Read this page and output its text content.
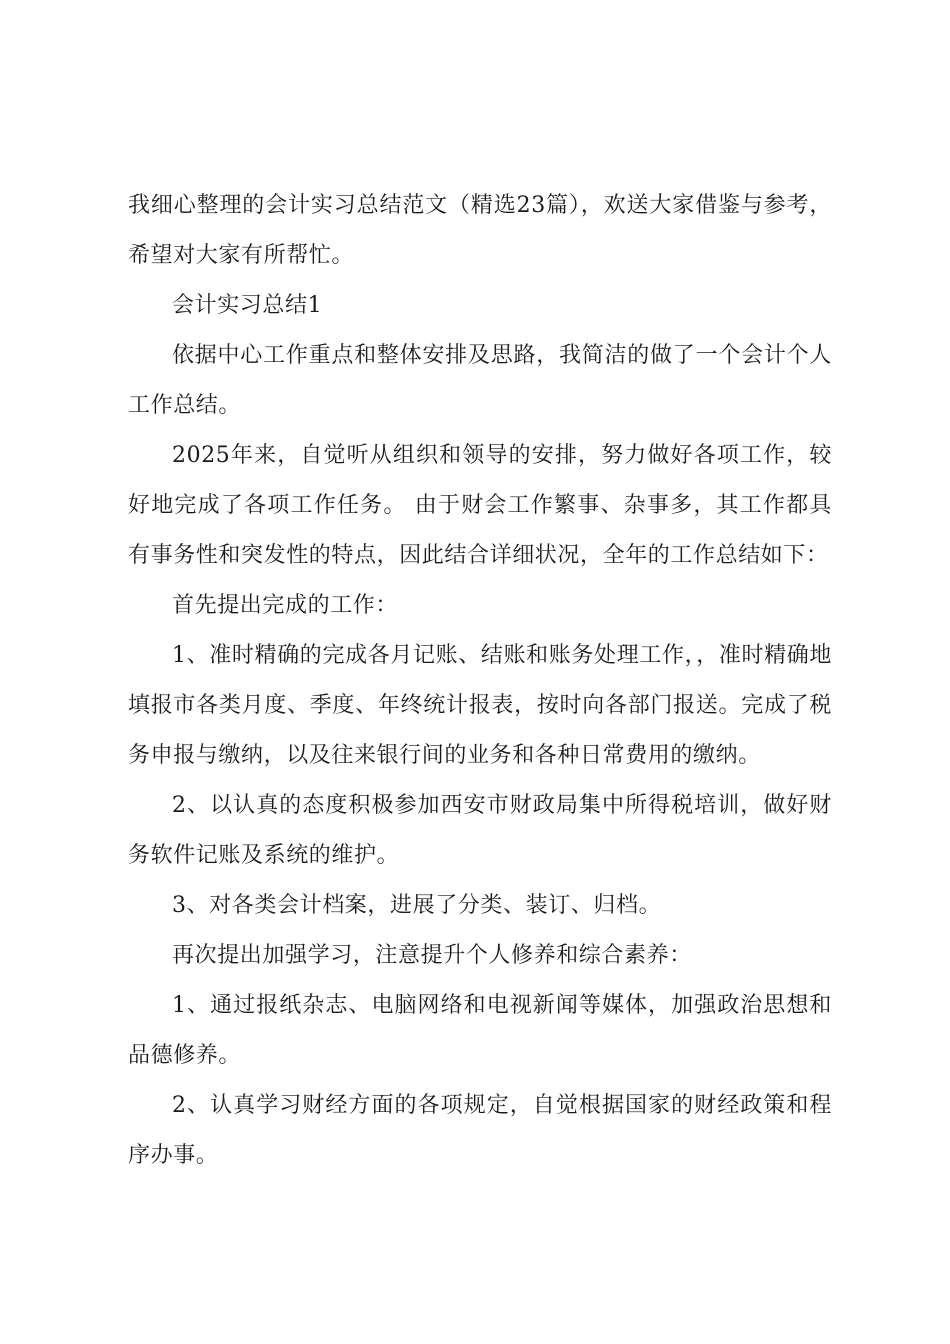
我细心整理的会计实习总结范文（精选23篇），欢送大家借鉴与参考，希望对大家有所帮忙。

会计实习总结1

依据中心工作重点和整体安排及思路，我简洁的做了一个会计个人工作总结。

2025年来，自觉听从组织和领导的安排，努力做好各项工作，较好地完成了各项工作任务。 由于财会工作繁事、杂事多，其工作都具有事务性和突发性的特点，因此结合详细状况，全年的工作总结如下：

首先提出完成的工作：

1、准时精确的完成各月记账、结账和账务处理工作，，准时精确地填报市各类月度、季度、年终统计报表，按时向各部门报送。完成了税务申报与缴纳，以及往来银行间的业务和各种日常费用的缴纳。

2、以认真的态度积极参加西安市财政局集中所得税培训，做好财务软件记账及系统的维护。

3、对各类会计档案，进展了分类、装订、归档。

再次提出加强学习，注意提升个人修养和综合素养：

1、通过报纸杂志、电脑网络和电视新闻等媒体，加强政治思想和品德修养。

2、认真学习财经方面的各项规定，自觉根据国家的财经政策和程序办事。
